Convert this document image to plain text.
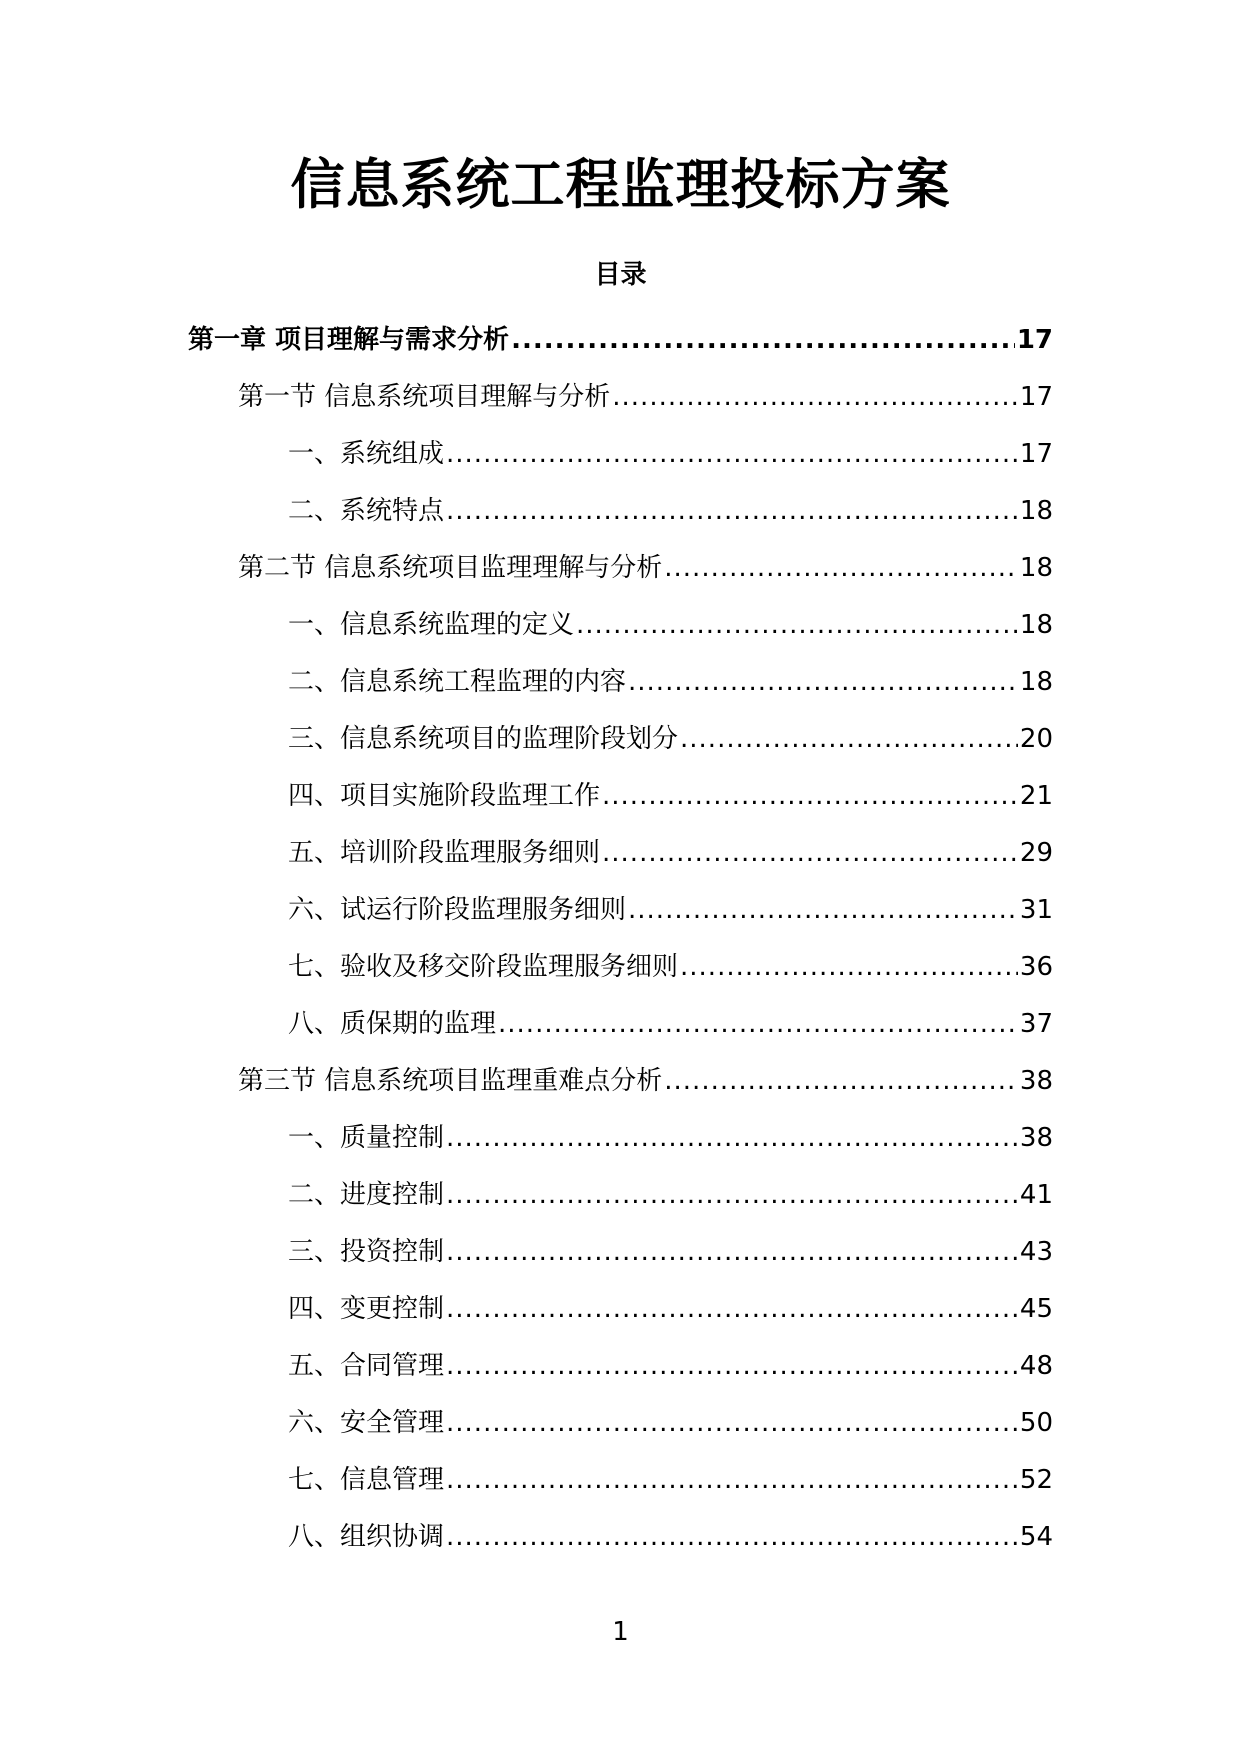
信息系统工程监理投标方案
目录
第一章 项目理解与需求分析 .....	17
第一节 信息系统项目理解与分析 .....	17
一、系统组成 .....	17
二、系统特点 .....	18
第二节 信息系统项目监理理解与分析 .....	18
一、信息系统监理的定义 .....	18
二、信息系统工程监理的内容 .....	18
三、信息系统项目的监理阶段划分 .....	20
四、项目实施阶段监理工作 .....	21
五、培训阶段监理服务细则 .....	29
六、试运行阶段监理服务细则 .....	31
七、验收及移交阶段监理服务细则 .....	36
八、质保期的监理 .....	37
第三节 信息系统项目监理重难点分析 .....	38
一、质量控制 .....	38
二、进度控制 .....	41
三、投资控制 .....	43
四、变更控制 .....	45
五、合同管理 .....	48
六、安全管理 .....	50
七、信息管理 .....	52
八、组织协调 .....	54
1
